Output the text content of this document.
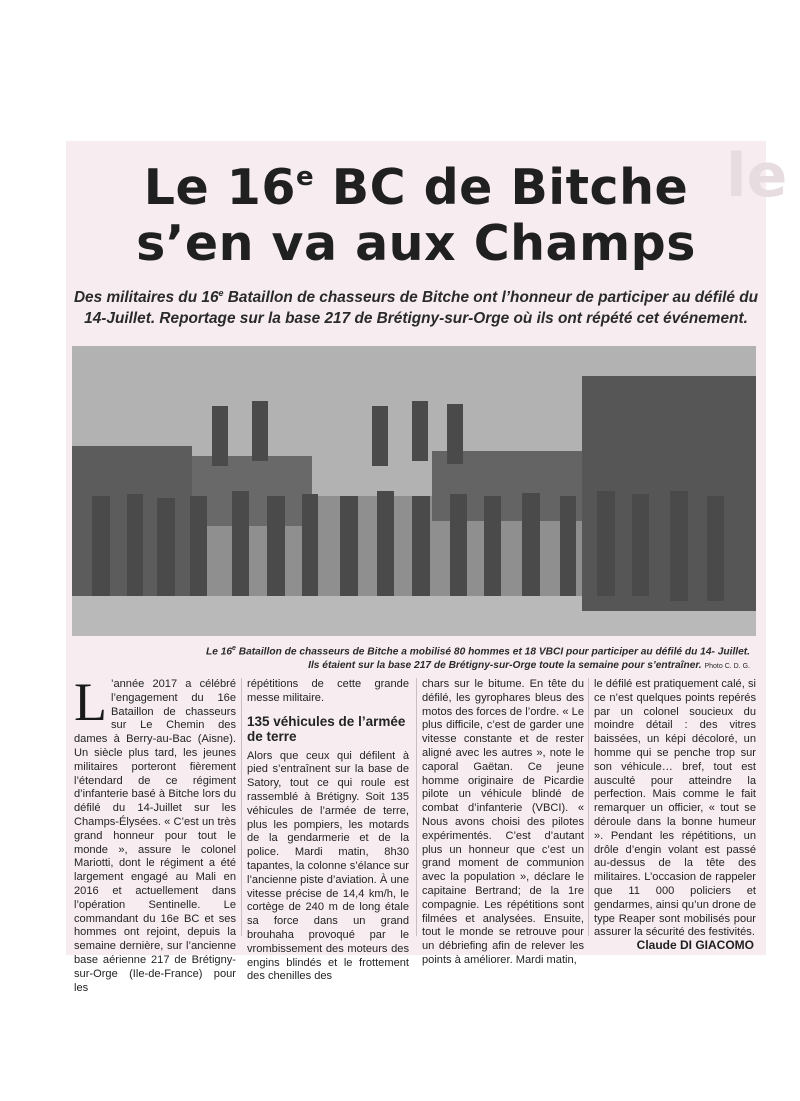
le
Le 16e BC de Bitche
s’en va aux Champs
Des militaires du 16e Bataillon de chasseurs de Bitche ont l’honneur de participer au défilé du 14-Juillet. Reportage sur la base 217 de Brétigny-sur-Orge où ils ont répété cet événement.
Le 16e Bataillon de chasseurs de Bitche a mobilisé 80 hommes et 18 VBCI pour participer au défilé du 14- Juillet.
Ils étaient sur la base 217 de Brétigny-sur-Orge toute la semaine pour s’entraîner. Photo C. D. G.
L ’année 2017 a célébré l’engagement du 16e Bataillon de chasseurs sur Le Chemin des dames à Berry-au-Bac (Aisne). Un siècle plus tard, les jeunes militaires porteront fièrement l’étendard de ce régiment d’infanterie basé à Bitche lors du défilé du 14-Juillet sur les Champs-Élysées. « C’est un très grand honneur pour tout le monde », assure le colonel Mariotti, dont le régiment a été largement engagé au Mali en 2016 et actuellement dans l’opération Sentinelle. Le commandant du 16e BC et ses hommes ont rejoint, depuis la semaine dernière, sur l’ancienne base aérienne 217 de Brétigny-sur-Orge (Ile-de-France) pour les

répétitions de cette grande messe militaire.

135 véhicules de l’armée de terre

Alors que ceux qui défilent à pied s’entraînent sur la base de Satory, tout ce qui roule est rassemblé à Brétigny. Soit 135 véhicules de l’armée de terre, plus les pompiers, les motards de la gendarmerie et de la police. Mardi matin, 8h30 tapantes, la colonne s’élance sur l’ancienne piste d’aviation. À une vitesse précise de 14,4 km/h, le cortège de 240 m de long étale sa force dans un grand brouhaha provoqué par le vrombissement des moteurs des engins blindés et le frottement des chenilles des

chars sur le bitume. En tête du défilé, les gyrophares bleus des motos des forces de l’ordre. « Le plus difficile, c’est de garder une vitesse constante et de rester aligné avec les autres », note le caporal Gaëtan. Ce jeune homme originaire de Picardie pilote un véhicule blindé de combat d’infanterie (VBCI). « Nous avons choisi des pilotes expérimentés. C’est d’autant plus un honneur que c’est un grand moment de communion avec la population », déclare le capitaine Bertrand; de la 1re compagnie. Les répétitions sont filmées et analysées. Ensuite, tout le monde se retrouve pour un débriefing afin de relever les points à améliorer. Mardi matin,

le défilé est pratiquement calé, si ce n’est quelques points repérés par un colonel soucieux du moindre détail : des vitres baissées, un képi décoloré, un homme qui se penche trop sur son véhicule… bref, tout est ausculté pour atteindre la perfection. Mais comme le fait remarquer un officier, « tout se déroule dans la bonne humeur ». Pendant les répétitions, un drôle d’engin volant est passé au-dessus de la tête des militaires. L’occasion de rappeler que 11 000 policiers et gendarmes, ainsi qu’un drone de type Reaper sont mobilisés pour assurer la sécurité des festivités.

Claude DI GIACOMO
